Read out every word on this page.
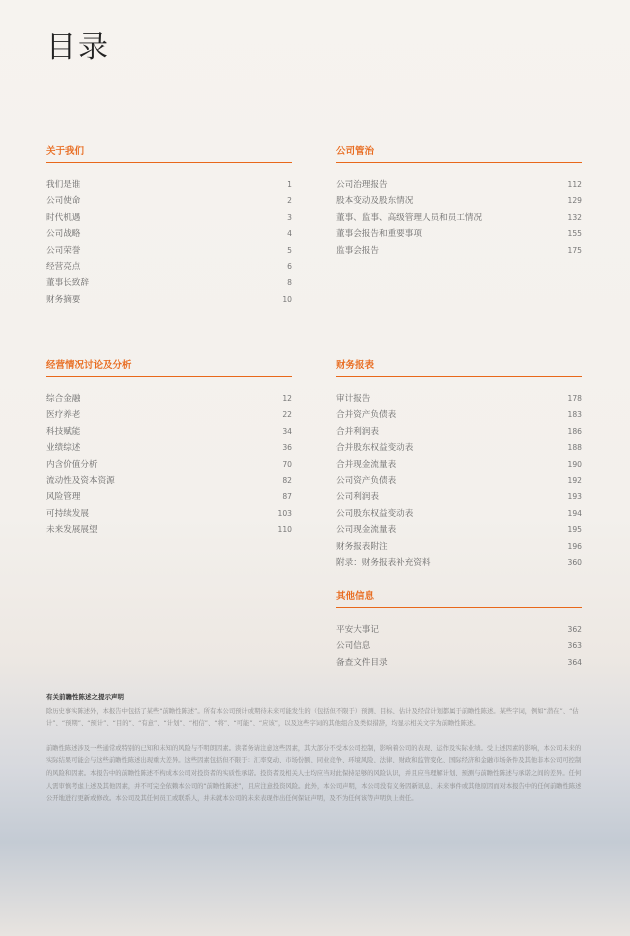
目录
关于我们
我们是谁	1
公司使命	2
时代机遇	3
公司战略	4
公司荣誉	5
经营亮点	6
董事长致辞	8
财务摘要	10
公司管治
公司治理报告	112
股本变动及股东情况	129
董事、监事、高级管理人员和员工情况	132
董事会报告和重要事项	155
监事会报告	175
经营情况讨论及分析
综合金融	12
医疗养老	22
科技赋能	34
业绩综述	36
内含价值分析	70
流动性及资本资源	82
风险管理	87
可持续发展	103
未来发展展望	110
财务报表
审计报告	178
合并资产负债表	183
合并利润表	186
合并股东权益变动表	188
合并现金流量表	190
公司资产负债表	192
公司利润表	193
公司股东权益变动表	194
公司现金流量表	195
财务报表附注	196
附录：财务报表补充资料	360
其他信息
平安大事记	362
公司信息	363
备查文件目录	364
有关前瞻性陈述之提示声明

除历史事实陈述外，本报告中包括了某些“前瞻性陈述”。所有本公司预计或期待未来可能发生的（包括但不限于）预测、目标、估计及经营计划都属于前瞻性陈述。某些字词，例如“潜在”、“估计”、“预期”、“预计”、“目的”、“有意”、“计划”、“相信”、“将”、“可能”、“应该”，以及这些字词的其他组合及类似措辞，均显示相关文字为前瞻性陈述。

前瞻性陈述涉及一些通常或特别的已知和未知的风险与不明朗因素。读者务请注意这些因素，其大部分不受本公司控制，影响着公司的表现、运作及实际业绩。受上述因素的影响，本公司未来的实际结果可能会与这些前瞻性陈述出现重大差异。这些因素包括但不限于：汇率变动、市场份额、同业竞争、环境风险、法律、财政和监管变化、国际经济和金融市场条件及其他非本公司可控制的风险和因素。本报告中的前瞻性陈述不构成本公司对投资者的实质性承诺。投资者及相关人士均应当对此保持足够的风险认识，并且应当理解计划、预测与前瞻性陈述与承诺之间的差异。任何人需审慎考虑上述及其他因素，并不可完全依赖本公司的“前瞻性陈述”，且应注意投资风险。此外，本公司声明，本公司没有义务因新讯息、未来事件或其他原因而对本报告中的任何前瞻性陈述公开地进行更新或修改。本公司及其任何员工或联系人，并未就本公司的未来表现作出任何保证声明，及不为任何该等声明负上责任。
